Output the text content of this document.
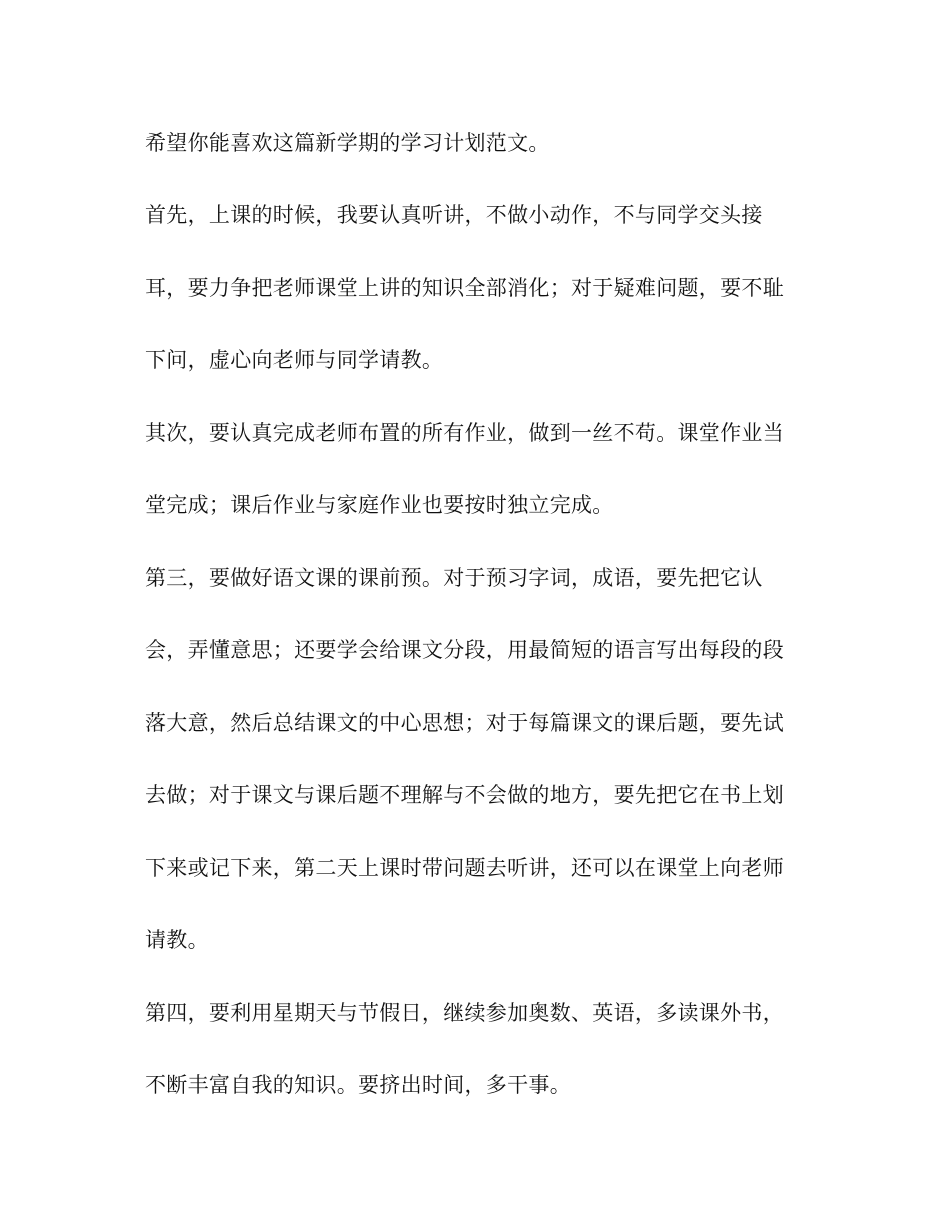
希望你能喜欢这篇新学期的学习计划范文。

首先，上课的时候，我要认真听讲，不做小动作，不与同学交头接

耳，要力争把老师课堂上讲的知识全部消化；对于疑难问题，要不耻

下问，虚心向老师与同学请教。

其次，要认真完成老师布置的所有作业，做到一丝不苟。课堂作业当

堂完成；课后作业与家庭作业也要按时独立完成。

第三，要做好语文课的课前预。对于预习字词，成语，要先把它认

会，弄懂意思；还要学会给课文分段，用最简短的语言写出每段的段

落大意，然后总结课文的中心思想；对于每篇课文的课后题，要先试

去做；对于课文与课后题不理解与不会做的地方，要先把它在书上划

下来或记下来，第二天上课时带问题去听讲，还可以在课堂上向老师

请教。

第四，要利用星期天与节假日，继续参加奥数、英语，多读课外书，

不断丰富自我的知识。要挤出时间，多干事。
